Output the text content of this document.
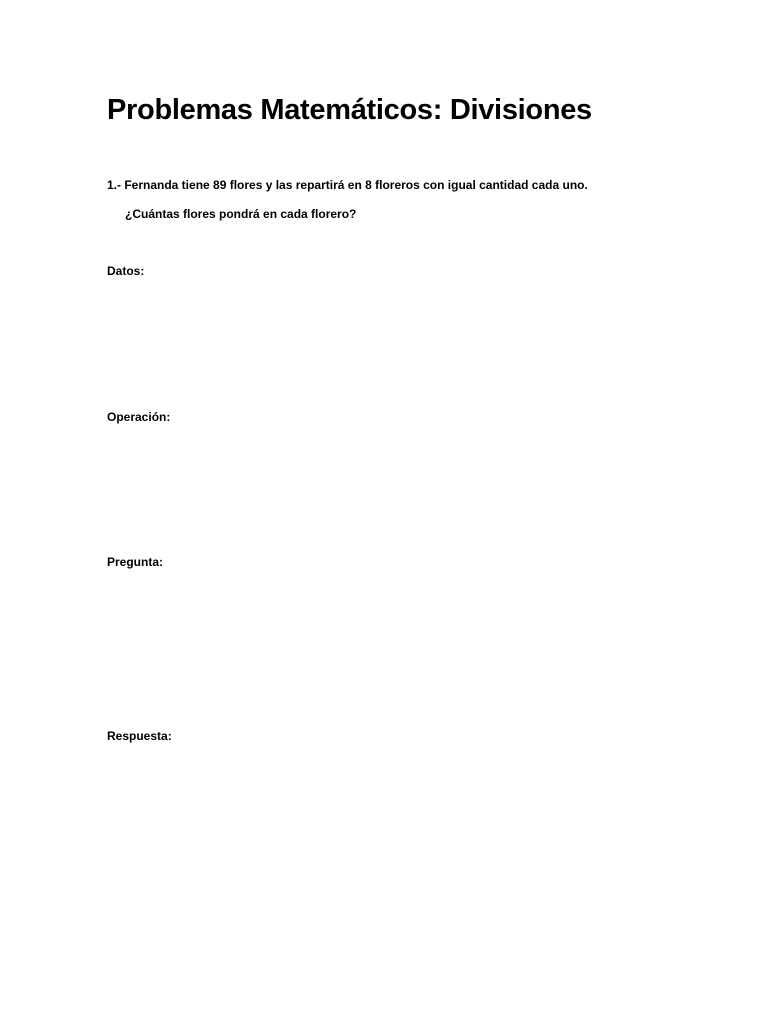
Problemas Matemáticos: Divisiones

1.- Fernanda tiene 89 flores y las repartirá en 8 floreros con igual cantidad cada uno.

¿Cuántas flores pondrá en cada florero?

Datos:

Operación:

Pregunta:

Respuesta:
